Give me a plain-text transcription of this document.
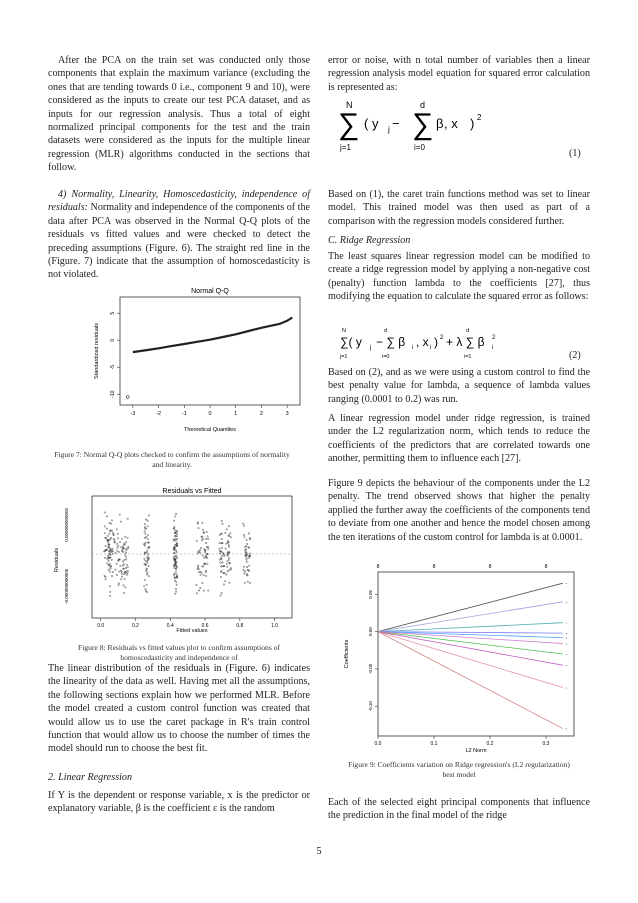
After the PCA on the train set was conducted only those components that explain the maximum variance (excluding the ones that are tending towards 0 i.e., component 9 and 10), were considered as the inputs to create our test PCA dataset, and as inputs for our regression analysis. Thus a total of eight normalized principal components for the test and the train datasets were considered as the inputs for the multiple linear regression (MLR) algorithms conducted in the sections that follow.

4) Normality, Linearity, Homoscedasticity, independence of residuals: Normality and independence of the components of the data after PCA was observed in the Normal Q-Q plots of the residuals vs fitted values and were checked to detect the preceding assumptions (Figure. 6). The straight red line in the (Figure. 7) indicate that the assumption of homoscedasticity is not violated.

Normal Q-Q
-10
-5
0
5
-3	-2	-1	0	1	2	3
Theoretical Quantiles
Standardized residuals

Figure 7: Normal Q-Q plots checked to confirm the assumptions of normality and linearity.

Residuals vs Fitted
0.0	0.2	0.4	0.6	0.8	1.0
Residuals
0.000000000005
-0.000000000005
Fitted values

Figure 8: Residuals vs fitted values plot to confirm assumptions of homoscedasticity and independence of

The linear distribution of the residuals in (Figure. 6) indicates the linearity of the data as well. Having met all the assumptions, the following sections explain how we performed MLR. Before the model created a custom control function was created that would allow us to use the caret package in R's train control function that would allow us to choose the number of times the model should run to choose the best fit.

2. Linear Regression

If Y is the dependent or response variable, x is the predictor or explanatory variable, β is the coefficient ε is the random

error or noise, with n total number of variables then a linear regression analysis model equation for squared error calculation is represented as:

N
∑
j=1
d
∑
i=0
( y j −	β , x ) 2
(1)

Based on (1), the caret train functions method was set to linear model. This trained model was then used as part of a comparison with the regression models considered further.

C. Ridge Regression

The least squares linear regression model can be modified to create a ridge regression model by applying a non-negative cost (penalty) function lambda to the coefficients [27], thus modifying the equation to calculate the squared error as follows:

∑( y j − ∑ β i , x i ) 2 + λ ∑ β i
2
j=1	i=0	i=1
N	d	d
(2)

Based on (2), and as we were using a custom control to find the best penalty value for lambda, a sequence of lambda values ranging (0.0001 to 0.2) was run.

A linear regression model under ridge regression, is trained under the L2 regularization norm, which tends to reduce the coefficients of the predictors that are correlated towards one another, permitting them to influence each [27].

Figure 9 depicts the behaviour of the components under the L2 penalty. The trend observed shows that higher the penalty applied the further away the coefficients of the components tend to deviate from one another and hence the model chosen among the ten iterations of the custom control for lambda is at 0.0001.

8	8	8	8
0.0	0.1	0.2	0.3
-0.10
-0.05
0.00
0.05
•
•
•
•
•
•
•
•
•
•
L2 Norm
Coefficients

Figure 9: Coefficients variation on Ridge regression's (L2 regularization) best model

Each of the selected eight principal components that influence the prediction in the final model of the ridge

5
